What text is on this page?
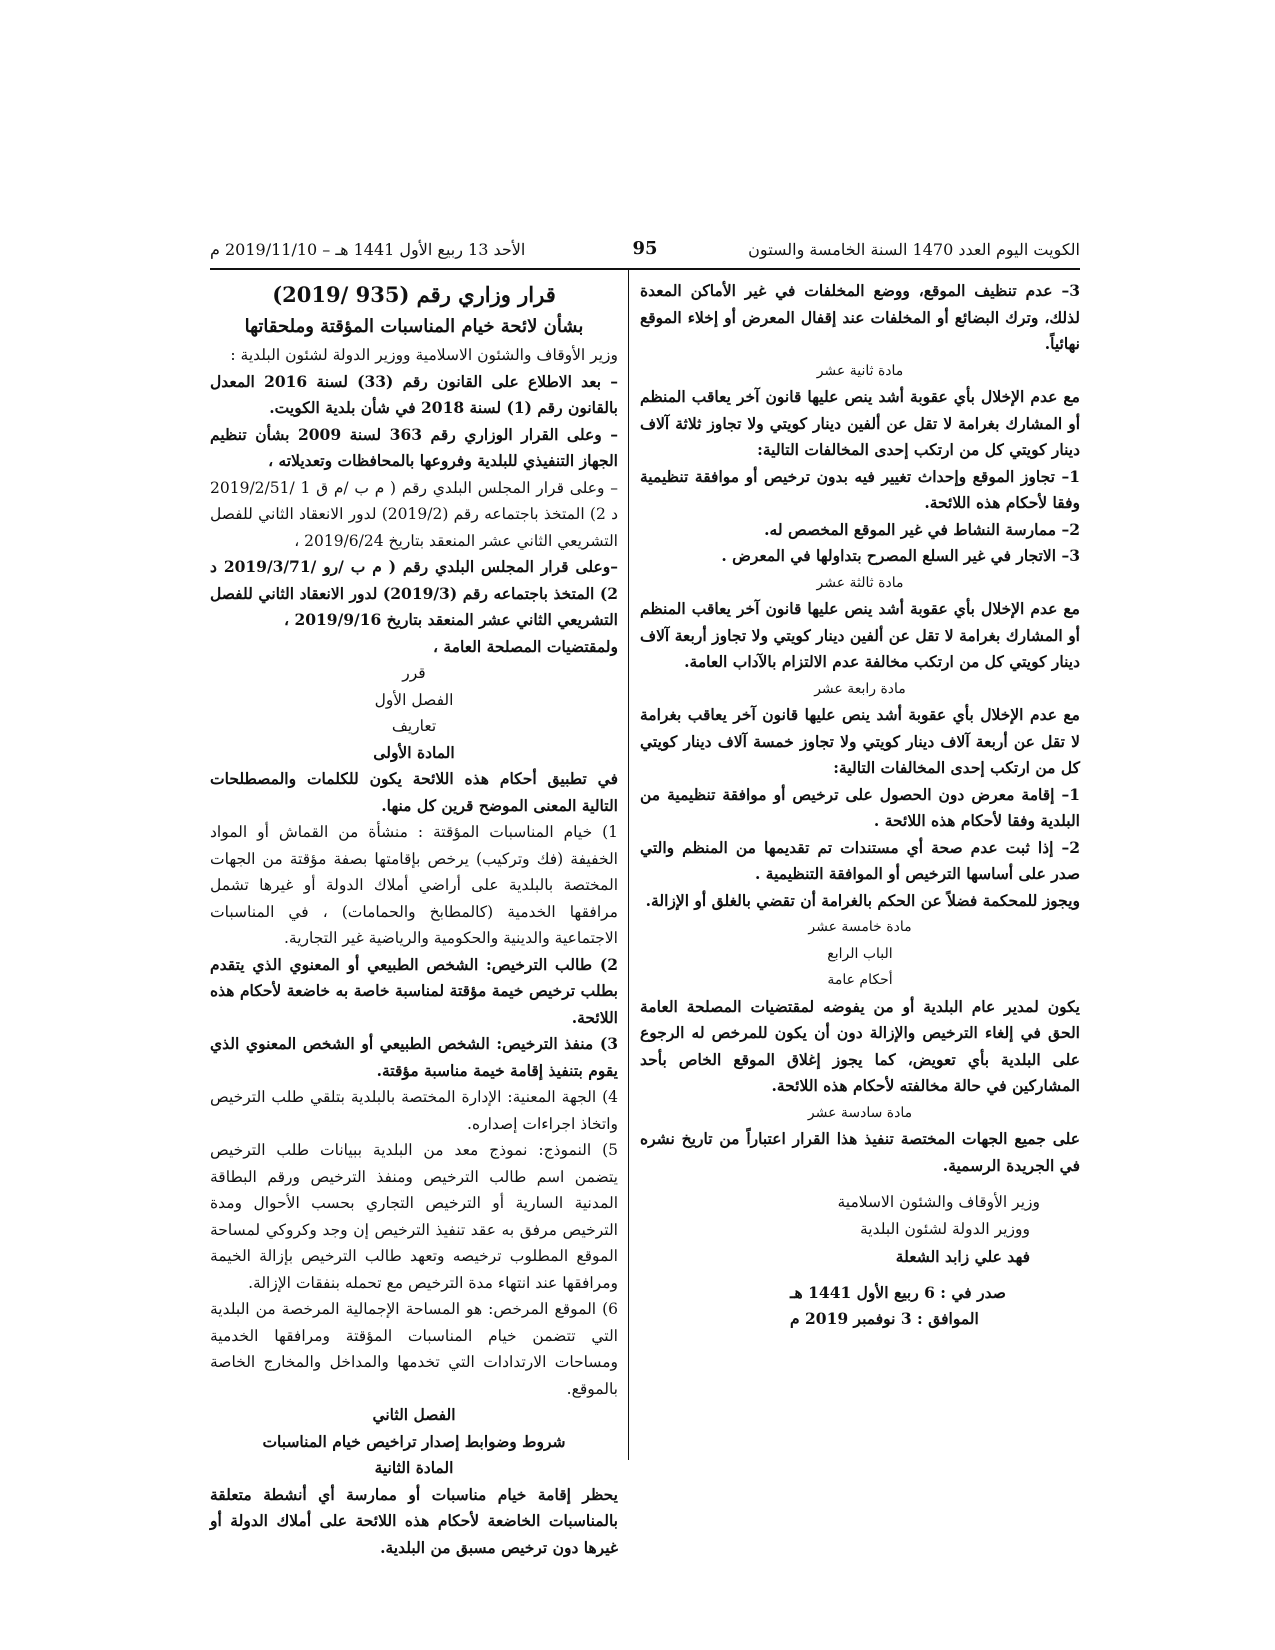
الكويت اليوم العدد 1470 السنة الخامسة والستون
95
الأحد 13 ربيع الأول 1441 هـ – 2019/11/10 م

3– عدم تنظيف الموقع، ووضع المخلفات في غير الأماكن المعدة لذلك، وترك البضائع أو المخلفات عند إقفال المعرض أو إخلاء الموقع نهائياً.

مادة ثانية عشر

مع عدم الإخلال بأي عقوبة أشد ينص عليها قانون آخر يعاقب المنظم أو المشارك بغرامة لا تقل عن ألفين دينار كويتي ولا تجاوز ثلاثة آلاف دينار كويتي كل من ارتكب إحدى المخالفات التالية:

1– تجاوز الموقع وإحداث تغيير فيه بدون ترخيص أو موافقة تنظيمية وفقا لأحكام هذه اللائحة.

2– ممارسة النشاط في غير الموقع المخصص له.

3– الاتجار في غير السلع المصرح بتداولها في المعرض .

مادة ثالثة عشر

مع عدم الإخلال بأي عقوبة أشد ينص عليها قانون آخر يعاقب المنظم أو المشارك بغرامة لا تقل عن ألفين دينار كويتي ولا تجاوز أربعة آلاف دينار كويتي كل من ارتكب مخالفة عدم الالتزام بالآداب العامة.

مادة رابعة عشر

مع عدم الإخلال بأي عقوبة أشد ينص عليها قانون آخر يعاقب بغرامة لا تقل عن أربعة آلاف دينار كويتي ولا تجاوز خمسة آلاف دينار كويتي كل من ارتكب إحدى المخالفات التالية:

1– إقامة معرض دون الحصول على ترخيص أو موافقة تنظيمية من البلدية وفقا لأحكام هذه اللائحة .

2– إذا ثبت عدم صحة أي مستندات تم تقديمها من المنظم والتي صدر على أساسها الترخيص أو الموافقة التنظيمية .

ويجوز للمحكمة فضلاً عن الحكم بالغرامة أن تقضي بالغلق أو الإزالة.

مادة خامسة عشر

الباب الرابع

أحكام عامة

يكون لمدير عام البلدية أو من يفوضه لمقتضيات المصلحة العامة الحق في إلغاء الترخيص والإزالة دون أن يكون للمرخص له الرجوع على البلدية بأي تعويض، كما يجوز إغلاق الموقع الخاص بأحد المشاركين في حالة مخالفته لأحكام هذه اللائحة.

مادة سادسة عشر

على جميع الجهات المختصة تنفيذ هذا القرار اعتباراً من تاريخ نشره في الجريدة الرسمية.

وزير الأوقاف والشئون الاسلامية
ووزير الدولة لشئون البلدية
فهد علي زابد الشعلة
صدر في : 6 ربيع الأول 1441 هـ
الموافق : 3 نوفمبر 2019 م

قرار وزاري رقم (935 /2019)

بشأن لائحة خيام المناسبات المؤقتة وملحقاتها

وزير الأوقاف والشئون الاسلامية ووزير الدولة لشئون البلدية :

– بعد الاطلاع على القانون رقم (33) لسنة 2016 المعدل بالقانون رقم (1) لسنة 2018 في شأن بلدية الكويت.

– وعلى القرار الوزاري رقم 363 لسنة 2009 بشأن تنظيم الجهاز التنفيذي للبلدية وفروعها بالمحافظات وتعديلاته ،

– وعلى قرار المجلس البلدي رقم ( م ب /م ق 1 /2019/2/51 د 2) المتخذ باجتماعه رقم (2019/2) لدور الانعقاد الثاني للفصل التشريعي الثاني عشر المنعقد بتاريخ 2019/6/24 ،

–وعلى قرار المجلس البلدي رقم ( م ب /رو /2019/3/71 د 2) المتخذ باجتماعه رقم (2019/3) لدور الانعقاد الثاني للفصل التشريعي الثاني عشر المنعقد بتاريخ 2019/9/16 ،

ولمقتضيات المصلحة العامة ،

قرر

الفصل الأول

تعاريف

المادة الأولى

في تطبيق أحكام هذه اللائحة يكون للكلمات والمصطلحات التالية المعنى الموضح قرين كل منها.

1) خيام المناسبات المؤقتة : منشأة من القماش أو المواد الخفيفة (فك وتركيب) يرخص بإقامتها بصفة مؤقتة من الجهات المختصة بالبلدية على أراضي أملاك الدولة أو غيرها تشمل مرافقها الخدمية (كالمطابخ والحمامات) ، في المناسبات الاجتماعية والدينية والحكومية والرياضية غير التجارية.

2) طالب الترخيص: الشخص الطبيعي أو المعنوي الذي يتقدم بطلب ترخيص خيمة مؤقتة لمناسبة خاصة به خاضعة لأحكام هذه اللائحة.

3) منفذ الترخيص: الشخص الطبيعي أو الشخص المعنوي الذي يقوم بتنفيذ إقامة خيمة مناسبة مؤقتة.

4) الجهة المعنية: الإدارة المختصة بالبلدية بتلقي طلب الترخيص واتخاذ اجراءات إصداره.

5) النموذج: نموذج معد من البلدية ببيانات طلب الترخيص يتضمن اسم طالب الترخيص ومنفذ الترخيص ورقم البطاقة المدنية السارية أو الترخيص التجاري بحسب الأحوال ومدة الترخيص مرفق به عقد تنفيذ الترخيص إن وجد وكروكي لمساحة الموقع المطلوب ترخيصه وتعهد طالب الترخيص بإزالة الخيمة ومرافقها عند انتهاء مدة الترخيص مع تحمله بنفقات الإزالة.

6) الموقع المرخص: هو المساحة الإجمالية المرخصة من البلدية التي تتضمن خيام المناسبات المؤقتة ومرافقها الخدمية ومساحات الارتدادات التي تخدمها والمداخل والمخارج الخاصة بالموقع.

الفصل الثاني

شروط وضوابط إصدار تراخيص خيام المناسبات

المادة الثانية

يحظر إقامة خيام مناسبات أو ممارسة أي أنشطة متعلقة بالمناسبات الخاضعة لأحكام هذه اللائحة على أملاك الدولة أو غيرها دون ترخيص مسبق من البلدية.
